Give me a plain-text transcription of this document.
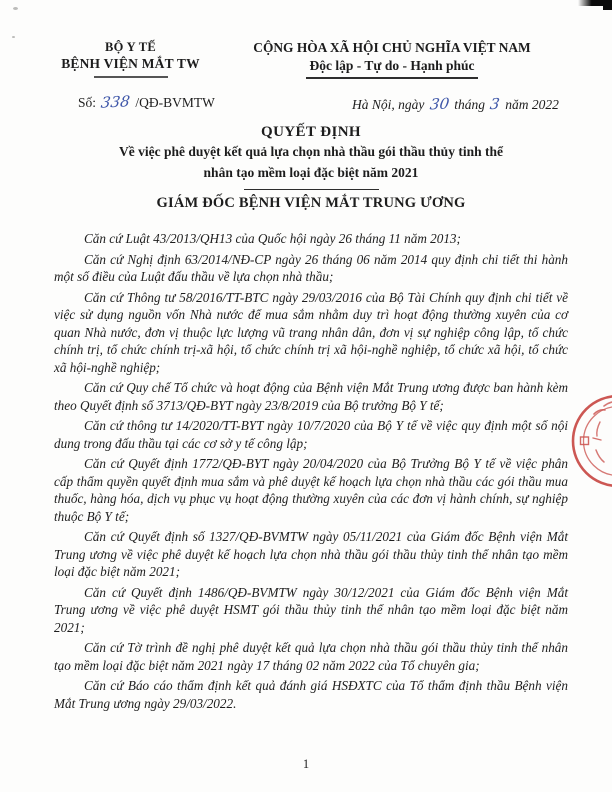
BỘ Y TẾ
BỆNH VIỆN MẮT TW
Số: 338 /QĐ-BVMTW
CỘNG HÒA XÃ HỘI CHỦ NGHĨA VIỆT NAM
Độc lập - Tự do - Hạnh phúc
Hà Nội, ngày 30 tháng 3 năm 2022
QUYẾT ĐỊNH
Về việc phê duyệt kết quả lựa chọn nhà thầu gói thầu thủy tinh thể
nhân tạo mềm loại đặc biệt năm 2021
GIÁM ĐỐC BỆNH VIỆN MẮT TRUNG ƯƠNG

Căn cứ Luật 43/2013/QH13 của Quốc hội ngày 26 tháng 11 năm 2013;

Căn cứ Nghị định 63/2014/NĐ-CP ngày 26 tháng 06 năm 2014 quy định chi tiết thi hành một số điều của Luật đấu thầu về lựa chọn nhà thầu;

Căn cứ Thông tư 58/2016/TT-BTC ngày 29/03/2016 của Bộ Tài Chính quy định chi tiết về việc sử dụng nguồn vốn Nhà nước để mua sắm nhằm duy trì hoạt động thường xuyên của cơ quan Nhà nước, đơn vị thuộc lực lượng vũ trang nhân dân, đơn vị sự nghiệp công lập, tổ chức chính trị, tổ chức chính trị-xã hội, tổ chức chính trị xã hội-nghề nghiệp, tổ chức xã hội, tổ chức xã hội-nghề nghiệp;

Căn cứ Quy chế Tổ chức và hoạt động của Bệnh viện Mắt Trung ương được ban hành kèm theo Quyết định số 3713/QĐ-BYT ngày 23/8/2019 của Bộ trưởng Bộ Y tế;

Căn cứ thông tư 14/2020/TT-BYT ngày 10/7/2020 của Bộ Y tế về việc quy định một số nội dung trong đấu thầu tại các cơ sở y tế công lập;

Căn cứ Quyết định 1772/QĐ-BYT ngày 20/04/2020 của Bộ Trưởng Bộ Y tế về việc phân cấp thẩm quyền quyết định mua sắm và phê duyệt kế hoạch lựa chọn nhà thầu các gói thầu mua thuốc, hàng hóa, dịch vụ phục vụ hoạt động thường xuyên của các đơn vị hành chính, sự nghiệp thuộc Bộ Y tế;

Căn cứ Quyết định số 1327/QĐ-BVMTW ngày 05/11/2021 của Giám đốc Bệnh viện Mắt Trung ương về việc phê duyệt kế hoạch lựa chọn nhà thầu gói thầu thủy tinh thể nhân tạo mềm loại đặc biệt năm 2021;

Căn cứ Quyết định 1486/QĐ-BVMTW ngày 30/12/2021 của Giám đốc Bệnh viện Mắt Trung ương về việc phê duyệt HSMT gói thầu thủy tinh thể nhân tạo mềm loại đặc biệt năm 2021;

Căn cứ Tờ trình đề nghị phê duyệt kết quả lựa chọn nhà thầu gói thầu thủy tinh thể nhân tạo mềm loại đặc biệt năm 2021 ngày 17 tháng 02 năm 2022 của Tổ chuyên gia;

Căn cứ Báo cáo thẩm định kết quả đánh giá HSĐXTC của Tổ thẩm định thầu Bệnh viện Mắt Trung ương ngày 29/03/2022.

1
